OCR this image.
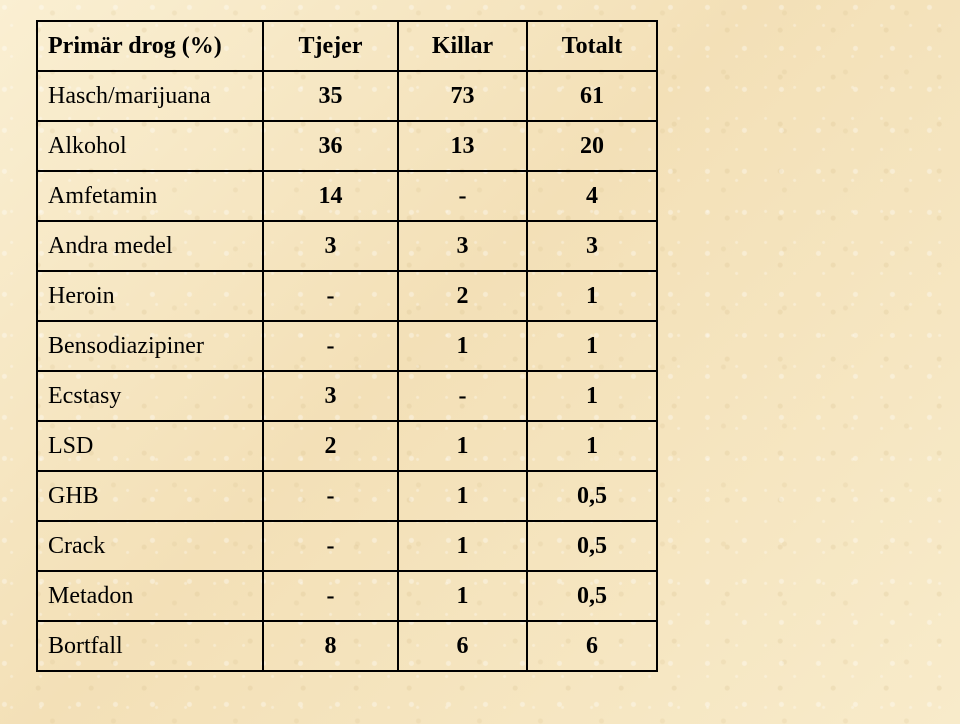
Primär drog (%)	Tjejer	Killar	Totalt
Hasch/marijuana	35	73	61
Alkohol	36	13	20
Amfetamin	14	-	4
Andra medel	3	3	3
Heroin	-	2	1
Bensodiazipiner	-	1	1
Ecstasy	3	-	1
LSD	2	1	1
GHB	-	1	0,5
Crack	-	1	0,5
Metadon	-	1	0,5
Bortfall	8	6	6
